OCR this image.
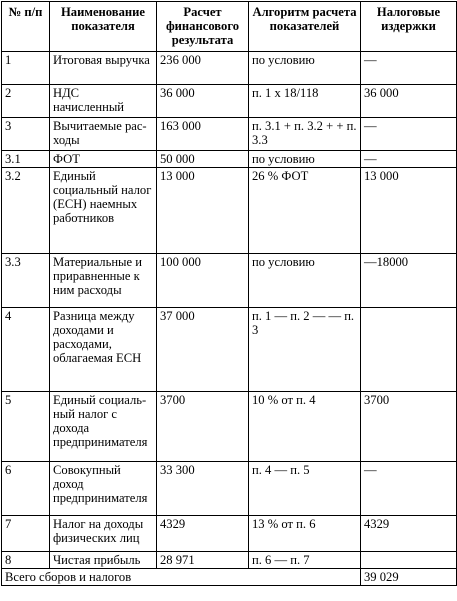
№ п/п	Наименование показателя	Расчет финансового результата	Алгоритм расчета показателей	Налоговые издержки
1	Итоговая выручка	236 000	по условию	—
2	НДС начисленный	36 000	п. 1 х 18/118	36 000
3	Вычитаемые расходы	163 000	п. 3.1 + п. 3.2 + + п. 3.3	—
3.1	ФОТ	50 000	по условию	—
3.2	Единый социальный налог (ЕСН) наемных работников	13 000	26 % ФОТ	13 000
3.3	Материальные и приравненные к ним расходы	100 000	по условию	—18000
4	Разница между доходами и расходами, облагаемая ЕСН	37 000	п. 1 — п. 2 — — п. 3	
5	Единый социальный налог с дохода предпринимателя	3700	10 % от п. 4	3700
6	Совокупный доход предпринимателя	33 300	п. 4 — п. 5	—
7	Налог на доходы физических лиц	4329	13 % от п. 6	4329
8	Чистая прибыль	28 971	п. 6 — п. 7	
Всего сборов и налогов				39 029
